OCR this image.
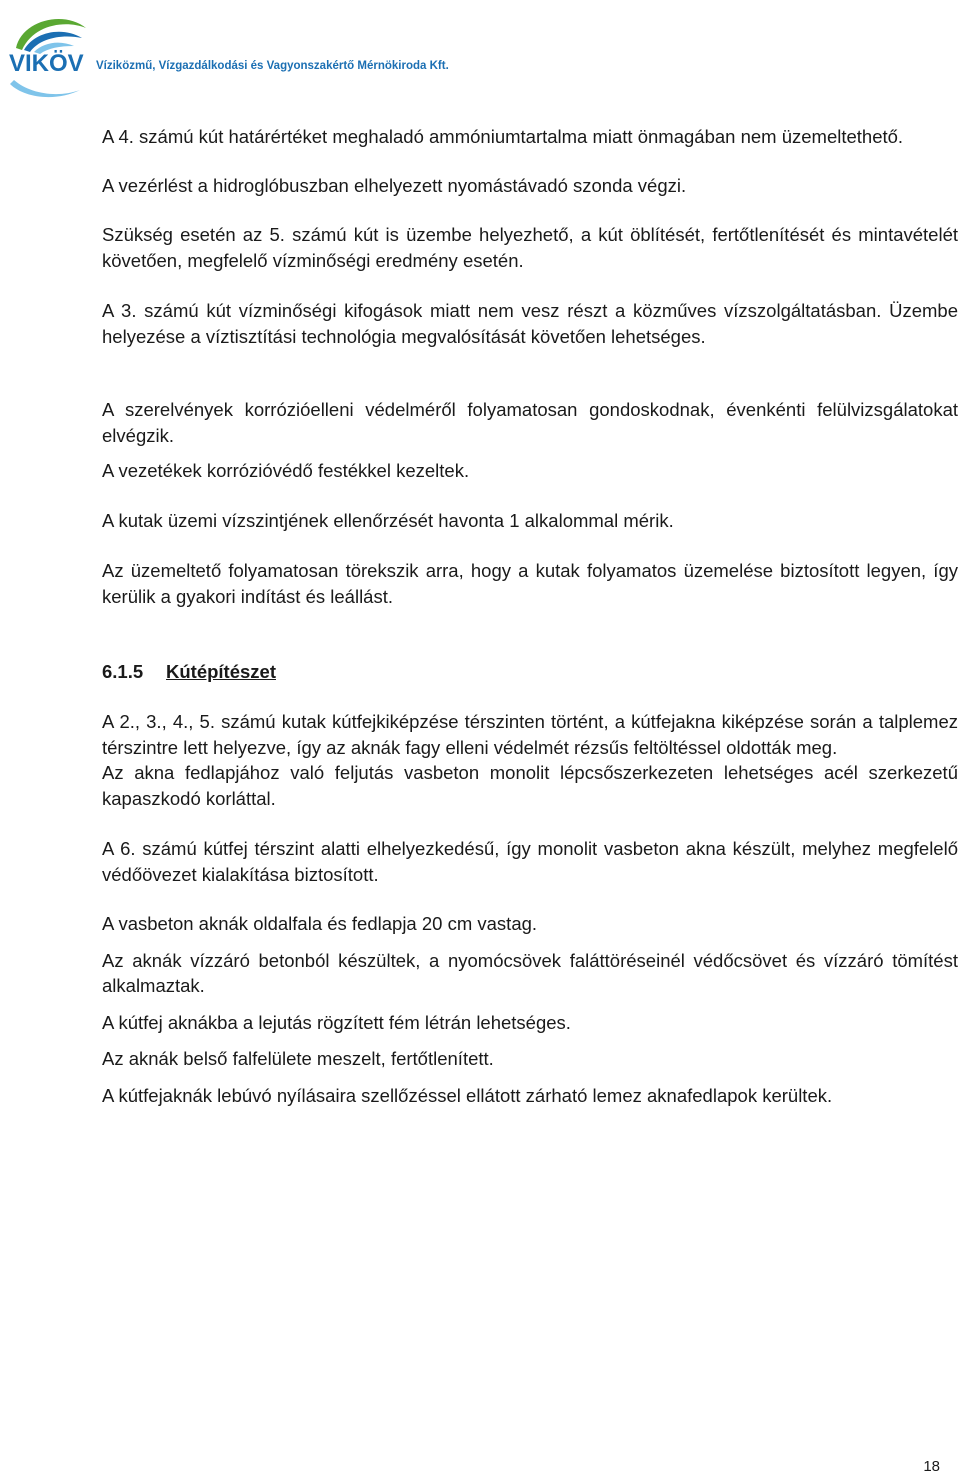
VIKÖV Víziközmű, Vízgazdálkodási és Vagyonszakértő Mérnökiroda Kft.

A 4. számú kút határértéket meghaladó ammóniumtartalma miatt önmagában nem üzemeltethető.

A vezérlést a hidroglóbuszban elhelyezett nyomástávadó szonda végzi.

Szükség esetén az 5. számú kút is üzembe helyezhető, a kút öblítését, fertőtlenítését és mintavételét követően, megfelelő vízminőségi eredmény esetén.

A 3. számú kút vízminőségi kifogások miatt nem vesz részt a közműves vízszolgáltatásban. Üzembe helyezése a víztisztítási technológia megvalósítását követően lehetséges.

A szerelvények korrózióelleni védelméről folyamatosan gondoskodnak, évenkénti felülvizsgálatokat elvégzik.

A vezetékek korrózióvédő festékkel kezeltek.

A kutak üzemi vízszintjének ellenőrzését havonta 1 alkalommal mérik.

Az üzemeltető folyamatosan törekszik arra, hogy a kutak folyamatos üzemelése biztosított legyen, így kerülik a gyakori indítást és leállást.

6.1.5 Kútépítészet

A 2., 3., 4., 5. számú kutak kútfejkiképzése térszinten történt, a kútfejakna kiképzése során a talplemez térszintre lett helyezve, így az aknák fagy elleni védelmét rézsűs feltöltéssel oldották meg.

Az akna fedlapjához való feljutás vasbeton monolit lépcsőszerkezeten lehetséges acél szerkezetű kapaszkodó korláttal.

A 6. számú kútfej térszint alatti elhelyezkedésű, így monolit vasbeton akna készült, melyhez megfelelő védőövezet kialakítása biztosított.

A vasbeton aknák oldalfala és fedlapja 20 cm vastag.

Az aknák vízzáró betonból készültek, a nyomócsövek faláttöréseinél védőcsövet és vízzáró tömítést alkalmaztak.

A kútfej aknákba a lejutás rögzített fém létrán lehetséges.

Az aknák belső falfelülete meszelt, fertőtlenített.

A kútfejaknák lebúvó nyílásaira szellőzéssel ellátott zárható lemez aknafedlapok kerültek.

18
